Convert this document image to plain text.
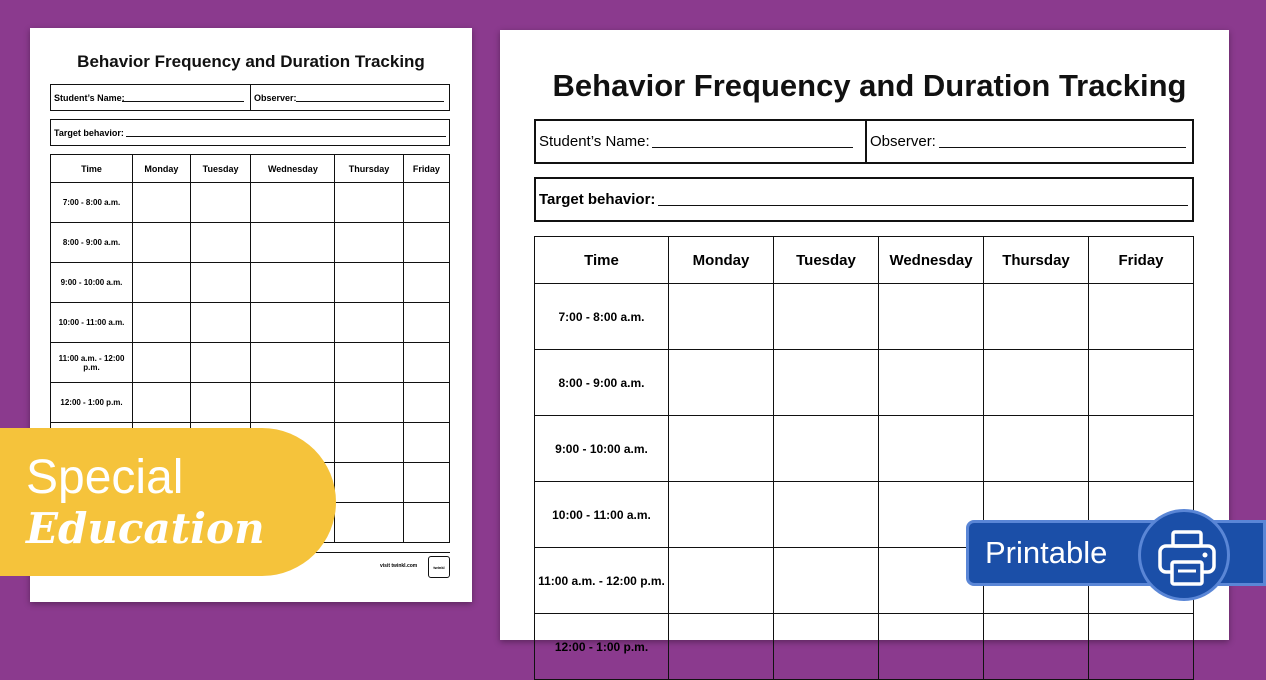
Behavior Frequency and Duration Tracking
Student’s Name:	Observer:
Target behavior:
Time	Monday	Tuesday	Wednesday	Thursday	Friday
7:00 - 8:00 a.m.					
8:00 - 9:00 a.m.					
9:00 - 10:00 a.m.					
10:00 - 11:00 a.m.					
11:00 a.m. - 12:00 p.m.					
12:00 - 1:00 p.m.					

visit twinkl.com	twinkl
Behavior Frequency and Duration Tracking
Student’s Name:	Observer:
Target behavior:
Time	Monday	Tuesday	Wednesday	Thursday	Friday
7:00 - 8:00 a.m.					
8:00 - 9:00 a.m.					
9:00 - 10:00 a.m.					
10:00 - 11:00 a.m.					
11:00 a.m. - 12:00 p.m.					
12:00 - 1:00 p.m.					
Special
Education	Printable
